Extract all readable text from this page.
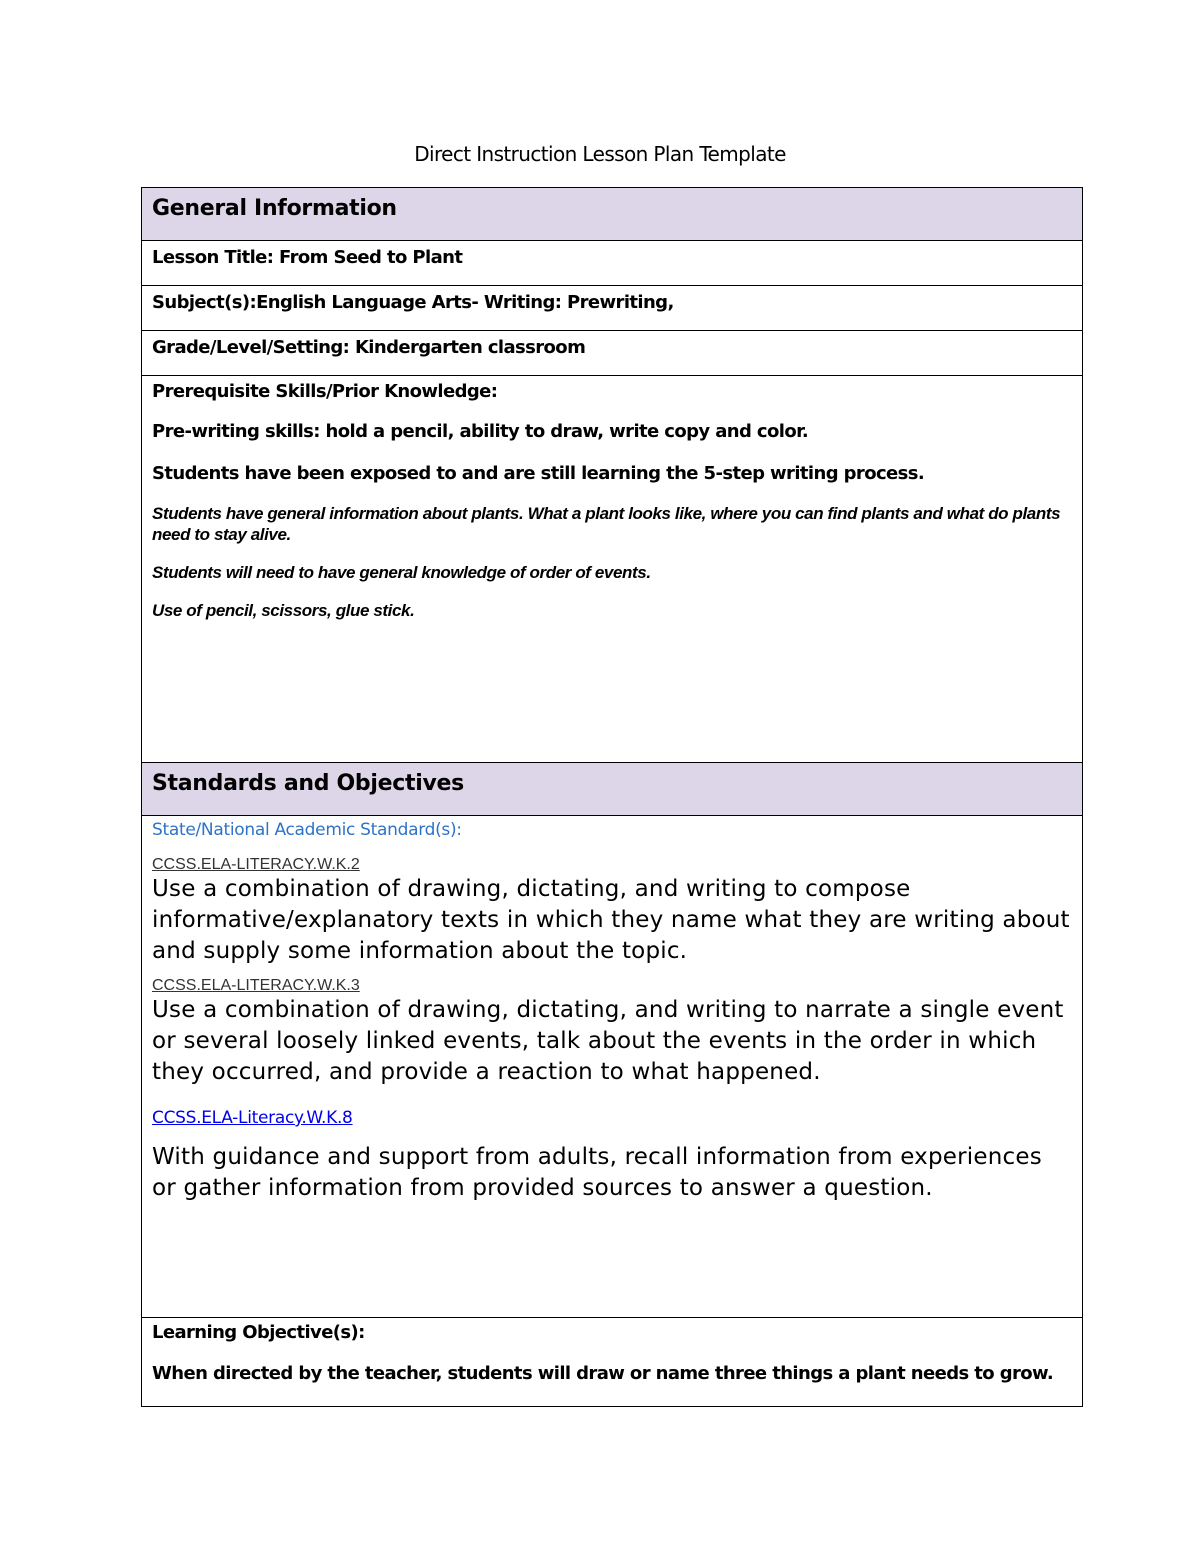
Direct Instruction Lesson Plan Template
General Information
Lesson Title: From Seed to Plant
Subject(s):English Language Arts- Writing: Prewriting,
Grade/Level/Setting: Kindergarten classroom

Prerequisite Skills/Prior Knowledge:

Pre-writing skills: hold a pencil, ability to draw, write copy and color.

Students have been exposed to and are still learning the 5-step writing process.

Students have general information about plants. What a plant looks like, where you can find plants and what do plants need to stay alive.

Students will need to have general knowledge of order of events.

Use of pencil, scissors, glue stick.

Standards and Objectives

State/National Academic Standard(s):

CCSS.ELA-LITERACY.W.K.2

Use a combination of drawing, dictating, and writing to compose informative/explanatory texts in which they name what they are writing about and supply some information about the topic.

CCSS.ELA-LITERACY.W.K.3

Use a combination of drawing, dictating, and writing to narrate a single event or several loosely linked events, talk about the events in the order in which they occurred, and provide a reaction to what happened.

CCSS.ELA-Literacy.W.K.8

With guidance and support from adults, recall information from experiences or gather information from provided sources to answer a question.

Learning Objective(s):

When directed by the teacher, students will draw or name three things a plant needs to grow.
